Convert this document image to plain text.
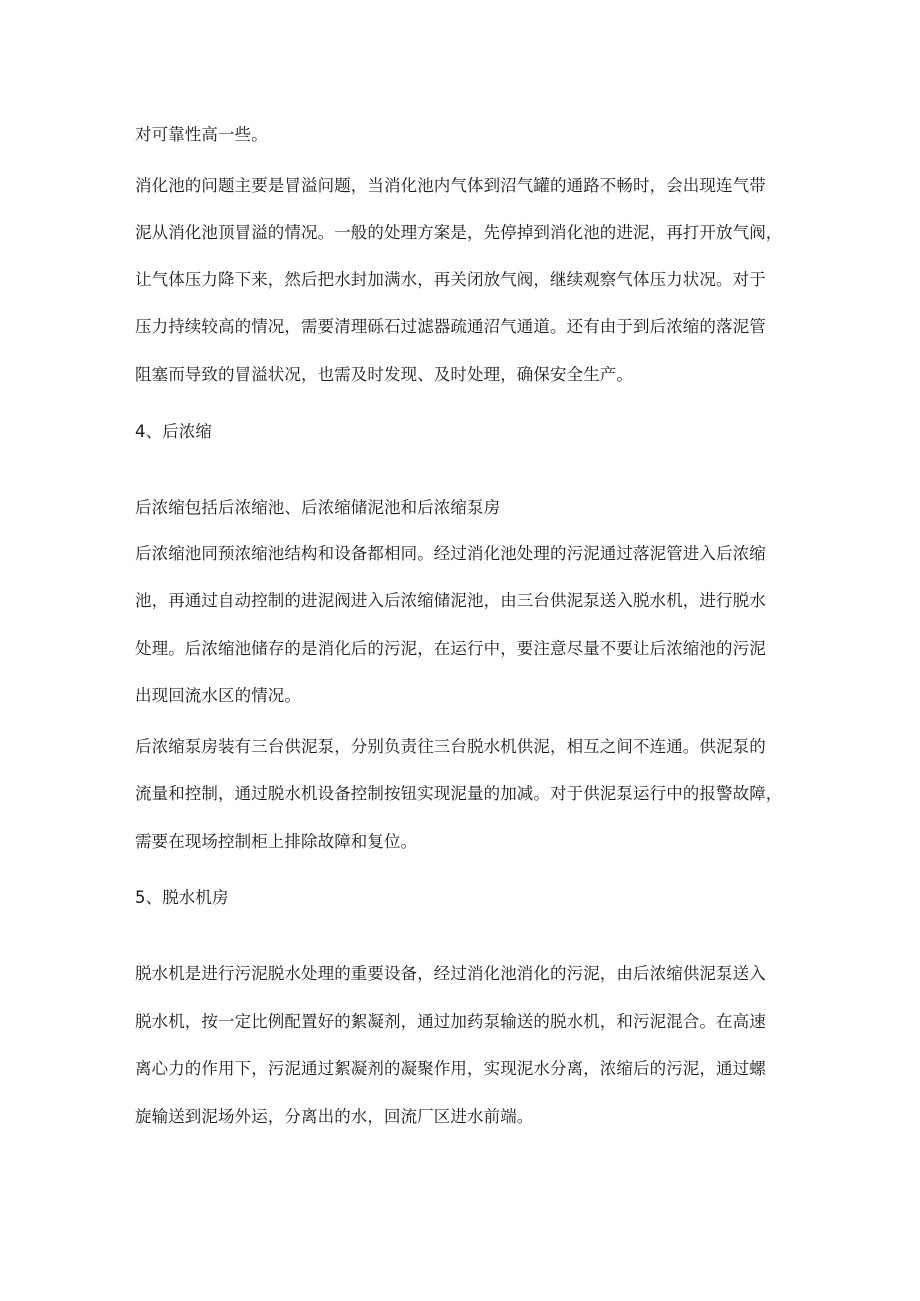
对可靠性高一些。
消化池的问题主要是冒溢问题，当消化池内气体到沼气罐的通路不畅时，会出现连气带
泥从消化池顶冒溢的情况。一般的处理方案是，先停掉到消化池的进泥，再打开放气阀，
让气体压力降下来，然后把水封加满水，再关闭放气阀，继续观察气体压力状况。对于
压力持续较高的情况，需要清理砾石过滤器疏通沼气通道。还有由于到后浓缩的落泥管
阻塞而导致的冒溢状况，也需及时发现、及时处理，确保安全生产。
4、后浓缩
后浓缩包括后浓缩池、后浓缩储泥池和后浓缩泵房
后浓缩池同预浓缩池结构和设备都相同。经过消化池处理的污泥通过落泥管进入后浓缩
池，再通过自动控制的进泥阀进入后浓缩储泥池，由三台供泥泵送入脱水机，进行脱水
处理。后浓缩池储存的是消化后的污泥，在运行中，要注意尽量不要让后浓缩池的污泥
出现回流水区的情况。
后浓缩泵房装有三台供泥泵，分别负责往三台脱水机供泥，相互之间不连通。供泥泵的
流量和控制，通过脱水机设备控制按钮实现泥量的加减。对于供泥泵运行中的报警故障，
需要在现场控制柜上排除故障和复位。
5、脱水机房
脱水机是进行污泥脱水处理的重要设备，经过消化池消化的污泥，由后浓缩供泥泵送入
脱水机，按一定比例配置好的絮凝剂，通过加药泵输送的脱水机，和污泥混合。在高速
离心力的作用下，污泥通过絮凝剂的凝聚作用，实现泥水分离，浓缩后的污泥，通过螺
旋输送到泥场外运，分离出的水，回流厂区进水前端。
